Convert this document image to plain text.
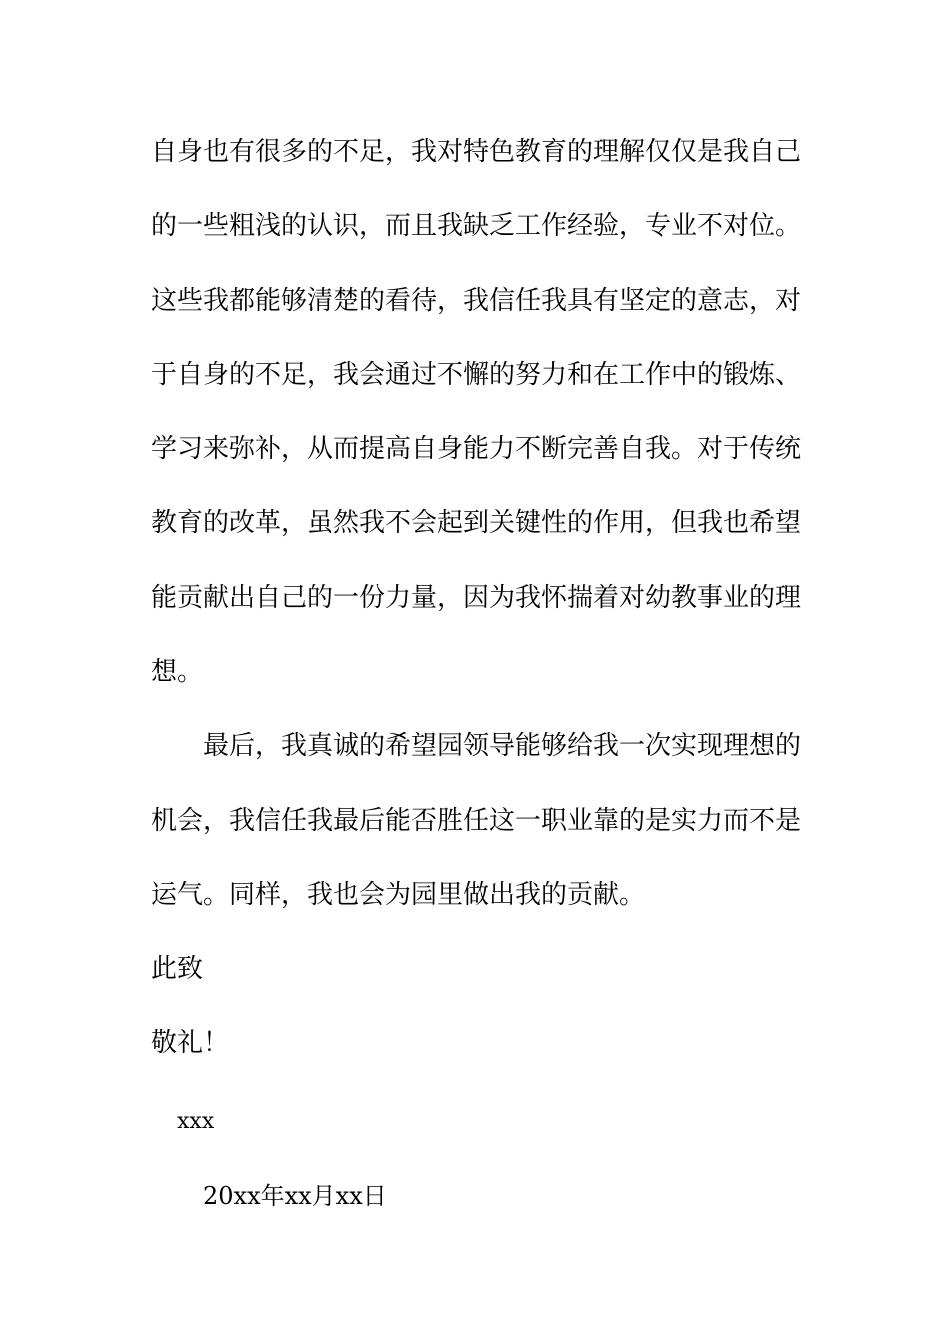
自身也有很多的不足，我对特色教育的理解仅仅是我自己
的一些粗浅的认识，而且我缺乏工作经验，专业不对位。
这些我都能够清楚的看待，我信任我具有坚定的意志，对
于自身的不足，我会通过不懈的努力和在工作中的锻炼、
学习来弥补，从而提高自身能力不断完善自我。对于传统
教育的改革，虽然我不会起到关键性的作用，但我也希望
能贡献出自己的一份力量，因为我怀揣着对幼教事业的理
想。
最后，我真诚的希望园领导能够给我一次实现理想的
机会，我信任我最后能否胜任这一职业靠的是实力而不是
运气。同样，我也会为园里做出我的贡献。
此致
敬礼！
xxx
20xx年xx月xx日
